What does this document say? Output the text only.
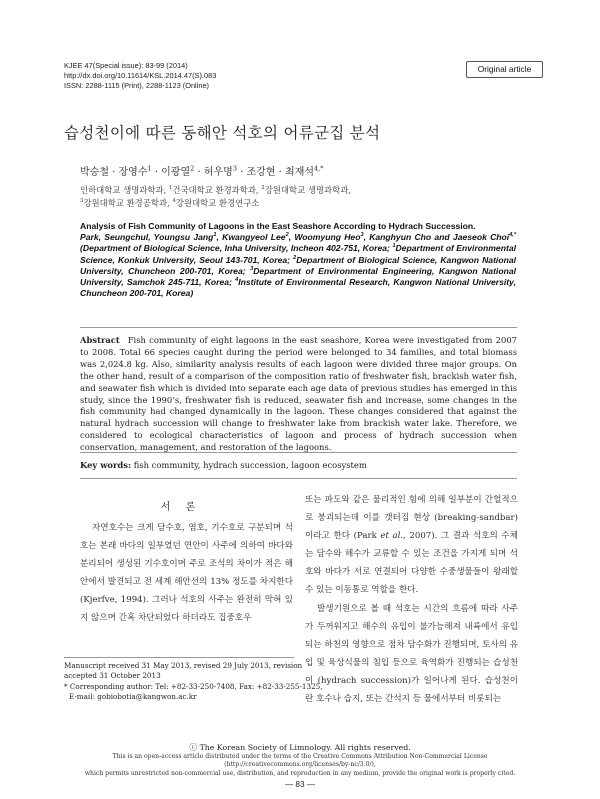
KJEE 47(Special issue): 83-99 (2014)
http://dx.doi.org/10.11614/KSL.2014.47(S).083
ISSN: 2288-1115 (Print), 2288-1123 (Online)
Original article
습성천이에 따른 동해안 석호의 어류군집 분석
박승철 · 장영수$^1$ · 이광열$^2$ · 허우명$^3$ · 조강현 · 최재석$^{4,*}$
인하대학교 생명과학과, $^1$건국대학교 환경과학과, $^2$강원대학교 생명과학과,
$^3$강원대학교 환경공학과, $^4$강원대학교 환경연구소
Analysis of Fish Community of Lagoons in the East Seashore According to Hydrach Succession.
Park, Seungchul, Youngsu Jang$^1$, Kwangyeol Lee$^2$, Woomyung Heo$^3$, Kanghyun Cho and Jaeseok Choi$^{4,*}$ (Department of Biological Science, Inha University, Incheon 402-751, Korea; $^1$Department of Environmental Science, Konkuk University, Seoul 143-701, Korea; $^2$Department of Biological Science, Kangwon National University, Chuncheon 200-701, Korea; $^3$Department of Environmental Engineering, Kangwon National University, Samchok 245-711, Korea; $^4$Institute of Environmental Research, Kangwon National University, Chuncheon 200-701, Korea)
Abstract Fish community of eight lagoons in the east seashore, Korea were investigated from 2007 to 2008. Total 66 species caught during the period were belonged to 34 families, and total biomass was 2,024.8 kg. Also, similarity analysis results of each lagoon were divided three major groups. On the other hand, result of a comparison of the composition ratio of freshwater fish, brackish water fish, and seawater fish which is divided into separate each age data of previous studies has emerged in this study, since the 1990’s, freshwater fish is reduced, seawater fish and increase, some changes in the fish community had changed dynamically in the lagoon. These changes considered that against the natural hydrach succession will change to freshwater lake from brackish water lake. Therefore, we considered to ecological characteristics of lagoon and process of hydrach succession when conservation, management, and restoration of the lagoons.
Key words: fish community, hydrach succession, lagoon ecosystem
서 론

자연호수는 크게 담수호, 염호, 기수호로 구분되며 석호는 본래 바다의 일부였던 연안이 사주에 의하여 바다와 분리되어 생성된 기수호이며 주로 조석의 차이가 적은 해안에서 발견되고 전 세계 해안선의 13% 정도를 차지한다 (Kjerfve, 1994). 그러나 석호의 사주는 완전히 막혀 있지 않으며 간혹 차단되었다 하더라도 집중호우

또는 파도와 같은 물리적인 힘에 의해 일부분이 간헐적으로 붕괴되는데 이를 갯터짐 현상 (breaking-sandbar)이라고 한다 (Park et al., 2007). 그 결과 석호의 수체는 담수와 해수가 교류할 수 있는 조건을 가지게 되며 석호와 바다가 서로 연결되어 다양한 수중생물들이 왕래할 수 있는 이동통로 역할을 한다.

발생기원으로 볼 때 석호는 시간의 흐름에 따라 사주가 두꺼워지고 해수의 유입이 불가능해져 내륙에서 유입되는 하천의 영향으로 점차 담수화가 진행되며, 토사의 유입 및 육상식물의 침입 등으로 육역화가 진행되는 습성천이 (hydrach succession)가 일어나게 된다. 습성천이란 호수나 습지, 또는 간석지 등 물에서부터 비롯되는

Manuscript received 31 May 2013, revised 29 July 2013, revision
accepted 31 October 2013
* Corresponding author: Tel: +82-33-250-7408, Fax: +82-33-255-1325,
E-mail: gobiobotia@kangwon.ac.kr
ⓒ The Korean Society of Limnology. All rights reserved.
This is an open-access article distributed under the terms of the Creative Commons Attribution Non-Commercial License (http://creativecommons.org/licenses/by-nc/3.0/),
which permits unrestricted non-commercial use, distribution, and reproduction in any medium, provide the original work is properly cited.
— 83 —
